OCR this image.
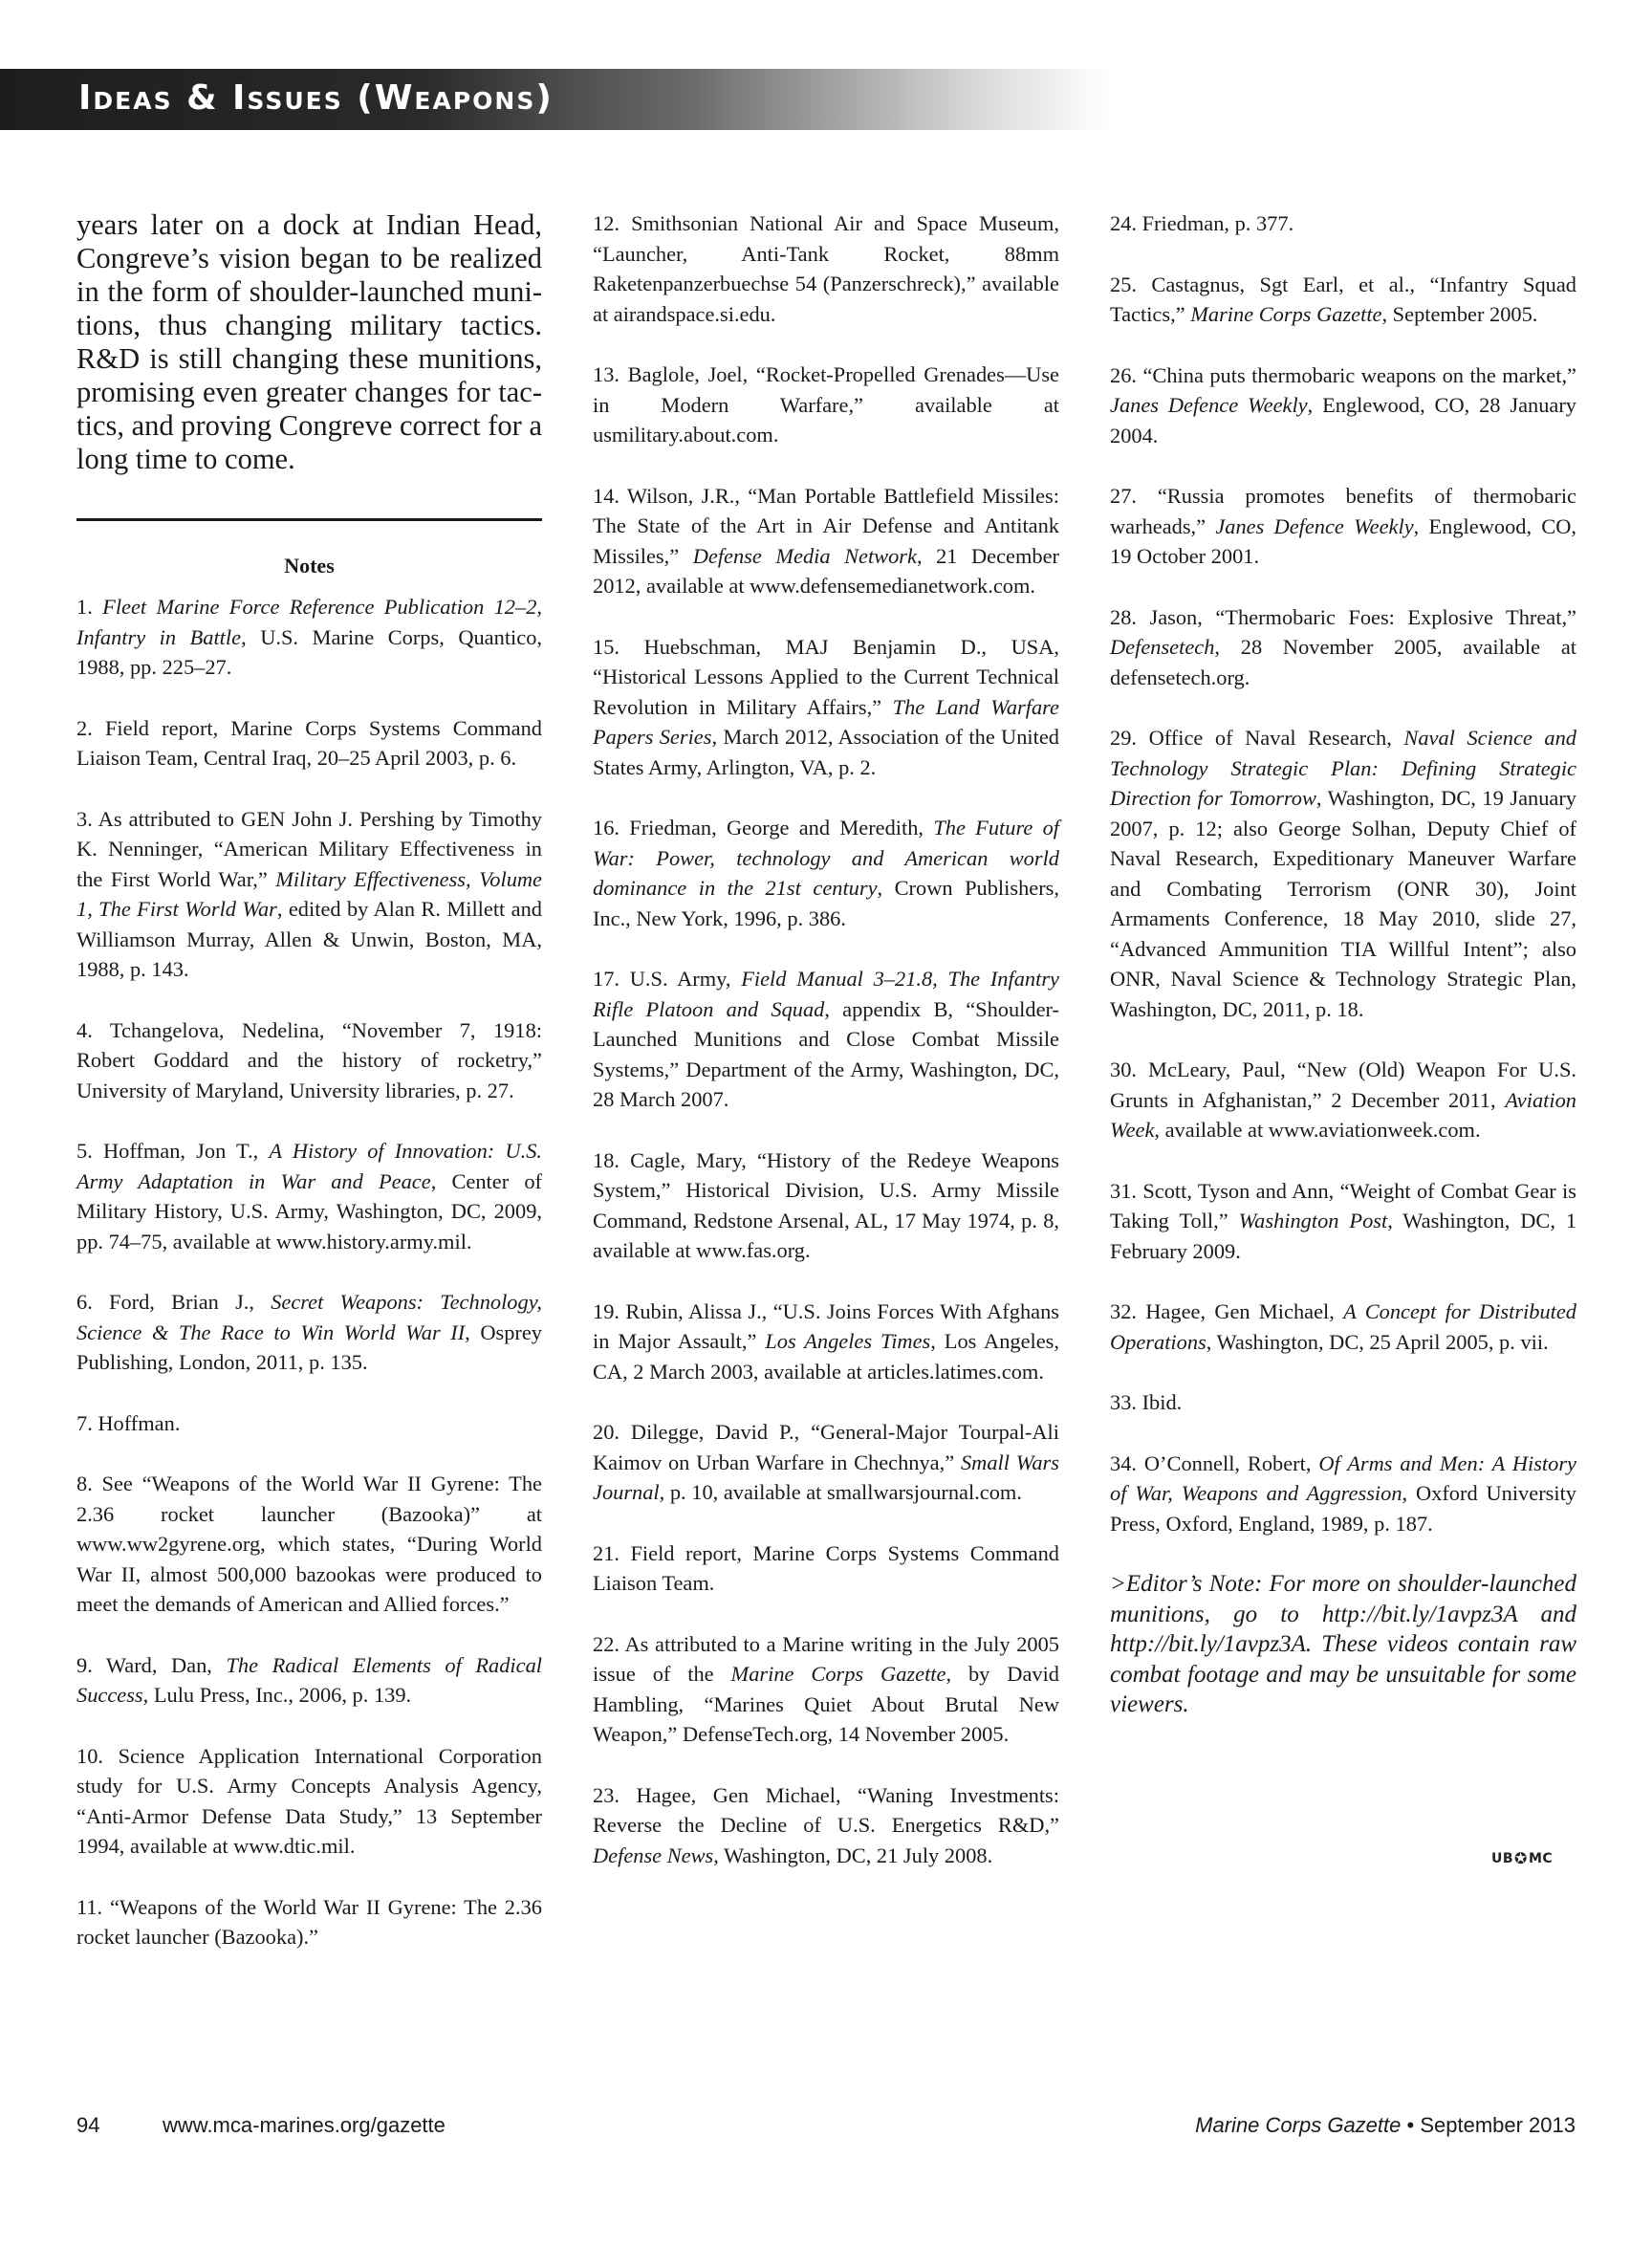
Ideas & Issues (Weapons)

years later on a dock at Indian Head, Congreve’s vision began to be realized in the form of shoulder-launched munitions, thus changing military tactics. R&D is still changing these munitions, promising even greater changes for tactics, and proving Congreve correct for a long time to come.

Notes

1. Fleet Marine Force Reference Publication 12–2, Infantry in Battle, U.S. Marine Corps, Quantico, 1988, pp. 225–27.

2. Field report, Marine Corps Systems Command Liaison Team, Central Iraq, 20–25 April 2003, p. 6.

3. As attributed to GEN John J. Pershing by Timothy K. Nenninger, “American Military Effectiveness in the First World War,” Military Effectiveness, Volume 1, The First World War, edited by Alan R. Millett and Williamson Murray, Allen & Unwin, Boston, MA, 1988, p. 143.

4. Tchangelova, Nedelina, “November 7, 1918: Robert Goddard and the history of rocketry,” University of Maryland, University libraries, p. 27.

5. Hoffman, Jon T., A History of Innovation: U.S. Army Adaptation in War and Peace, Center of Military History, U.S. Army, Washington, DC, 2009, pp. 74–75, available at www.history.army.mil.

6. Ford, Brian J., Secret Weapons: Technology, Science & The Race to Win World War II, Osprey Publishing, London, 2011, p. 135.

7. Hoffman.

8. See “Weapons of the World War II Gyrene: The 2.36 rocket launcher (Bazooka)” at www.ww2gyrene.org, which states, “During World War II, almost 500,000 bazookas were produced to meet the demands of American and Allied forces.”

9. Ward, Dan, The Radical Elements of Radical Success, Lulu Press, Inc., 2006, p. 139.

10. Science Application International Corporation study for U.S. Army Concepts Analysis Agency, “Anti-Armor Defense Data Study,” 13 September 1994, available at www.dtic.mil.

11. “Weapons of the World War II Gyrene: The 2.36 rocket launcher (Bazooka).”

12. Smithsonian National Air and Space Museum, “Launcher, Anti-Tank Rocket, 88mm Raketenpanzerbuechse 54 (Panzerschreck),” available at airandspace.si.edu.

13. Baglole, Joel, “Rocket-Propelled Grenades—Use in Modern Warfare,” available at usmilitary.about.com.

14. Wilson, J.R., “Man Portable Battlefield Missiles: The State of the Art in Air Defense and Antitank Missiles,” Defense Media Network, 21 December 2012, available at www.defensemedianetwork.com.

15. Huebschman, MAJ Benjamin D., USA, “Historical Lessons Applied to the Current Technical Revolution in Military Affairs,” The Land Warfare Papers Series, March 2012, Association of the United States Army, Arlington, VA, p. 2.

16. Friedman, George and Meredith, The Future of War: Power, technology and American world dominance in the 21st century, Crown Publishers, Inc., New York, 1996, p. 386.

17. U.S. Army, Field Manual 3–21.8, The Infantry Rifle Platoon and Squad, appendix B, “Shoulder-Launched Munitions and Close Combat Missile Systems,” Department of the Army, Washington, DC, 28 March 2007.

18. Cagle, Mary, “History of the Redeye Weapons System,” Historical Division, U.S. Army Missile Command, Redstone Arsenal, AL, 17 May 1974, p. 8, available at www.fas.org.

19. Rubin, Alissa J., “U.S. Joins Forces With Afghans in Major Assault,” Los Angeles Times, Los Angeles, CA, 2 March 2003, available at articles.latimes.com.

20. Dilegge, David P., “General-Major Tourpal-Ali Kaimov on Urban Warfare in Chechnya,” Small Wars Journal, p. 10, available at smallwarsjournal.com.

21. Field report, Marine Corps Systems Command Liaison Team.

22. As attributed to a Marine writing in the July 2005 issue of the Marine Corps Gazette, by David Hambling, “Marines Quiet About Brutal New Weapon,” DefenseTech.org, 14 November 2005.

23. Hagee, Gen Michael, “Waning Investments: Reverse the Decline of U.S. Energetics R&D,” Defense News, Washington, DC, 21 July 2008.

24. Friedman, p. 377.

25. Castagnus, Sgt Earl, et al., “Infantry Squad Tactics,” Marine Corps Gazette, September 2005.

26. “China puts thermobaric weapons on the market,” Janes Defence Weekly, Englewood, CO, 28 January 2004.

27. “Russia promotes benefits of thermobaric warheads,” Janes Defence Weekly, Englewood, CO, 19 October 2001.

28. Jason, “Thermobaric Foes: Explosive Threat,” Defensetech, 28 November 2005, available at defensetech.org.

29. Office of Naval Research, Naval Science and Technology Strategic Plan: Defining Strategic Direction for Tomorrow, Washington, DC, 19 January 2007, p. 12; also George Solhan, Deputy Chief of Naval Research, Expeditionary Maneuver Warfare and Combating Terrorism (ONR 30), Joint Armaments Conference, 18 May 2010, slide 27, “Advanced Ammunition TIA Willful Intent”; also ONR, Naval Science & Technology Strategic Plan, Washington, DC, 2011, p. 18.

30. McLeary, Paul, “New (Old) Weapon For U.S. Grunts in Afghanistan,” 2 December 2011, Aviation Week, available at www.aviationweek.com.

31. Scott, Tyson and Ann, “Weight of Combat Gear is Taking Toll,” Washington Post, Washington, DC, 1 February 2009.

32. Hagee, Gen Michael, A Concept for Distributed Operations, Washington, DC, 25 April 2005, p. vii.

33. Ibid.

34. O’Connell, Robert, Of Arms and Men: A History of War, Weapons and Aggression, Oxford University Press, Oxford, England, 1989, p. 187.

>Editor’s Note: For more on shoulder-launched munitions, go to http://bit.ly/1avpz3A and http://bit.ly/1avpz3A. These videos contain raw combat footage and may be unsuitable for some viewers.

UB ✪ MC
94	www.mca-marines.org/gazette	Marine Corps Gazette • September 2013
